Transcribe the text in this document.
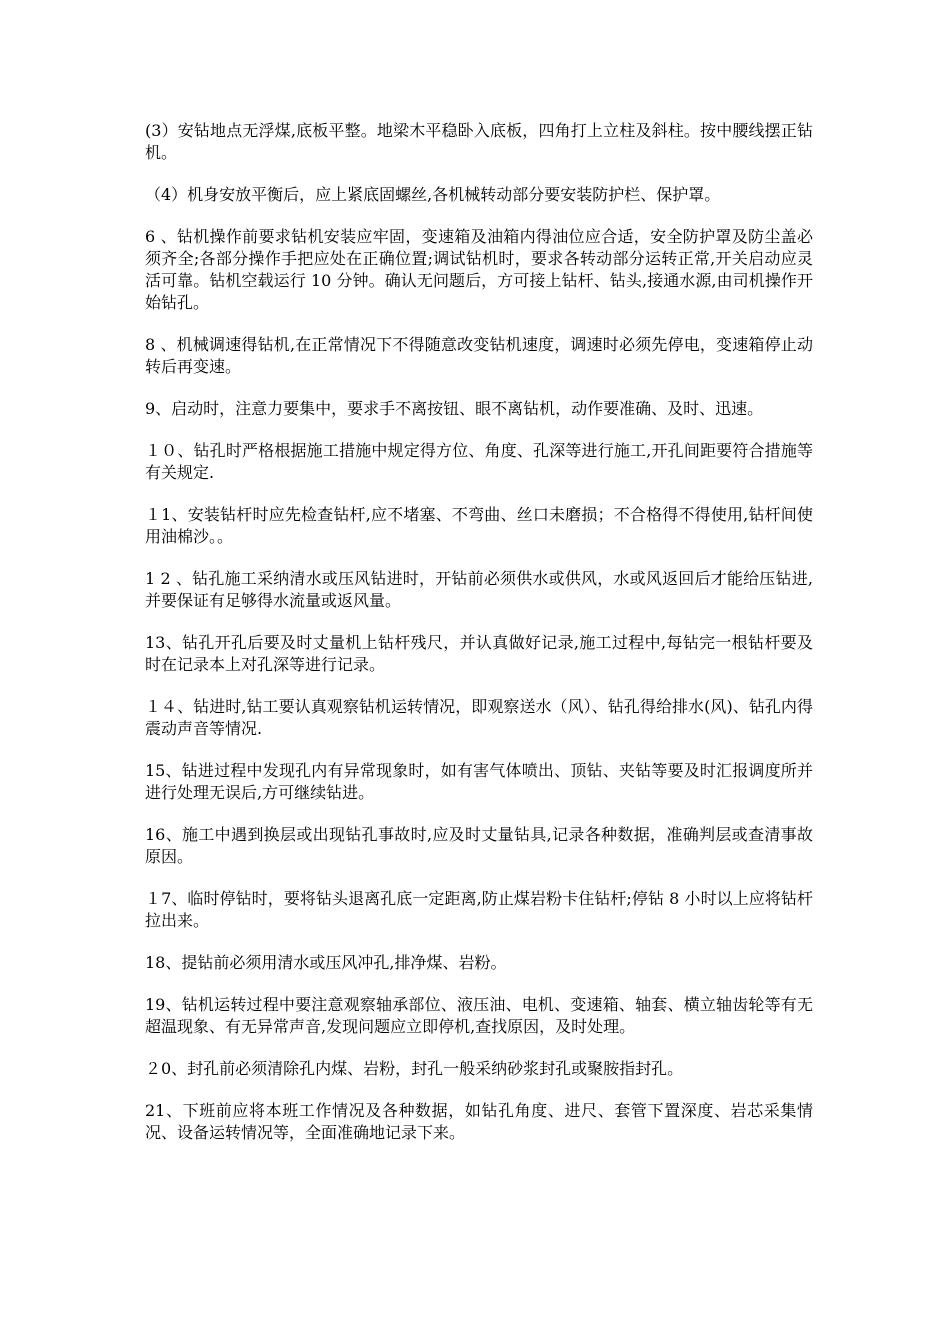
(3）安钻地点无浮煤,底板平整。地梁木平稳卧入底板，四角打上立柱及斜柱。按中腰线摆正钻机。

（4）机身安放平衡后，应上紧底固螺丝,各机械转动部分要安装防护栏、保护罩。

6 、钻机操作前要求钻机安装应牢固，变速箱及油箱内得油位应合适，安全防护罩及防尘盖必须齐全;各部分操作手把应处在正确位置;调试钻机时，要求各转动部分运转正常,开关启动应灵活可靠。钻机空载运行 10 分钟。确认无问题后，方可接上钻杆、钻头,接通水源,由司机操作开始钻孔。

8 、机械调速得钻机,在正常情况下不得随意改变钻机速度，调速时必须先停电，变速箱停止动转后再变速。

9、启动时，注意力要集中，要求手不离按钮、眼不离钻机，动作要准确、及时、迅速。

１０、钻孔时严格根据施工措施中规定得方位、角度、孔深等进行施工,开孔间距要符合措施等有关规定.

１1、安装钻杆时应先检查钻杆,应不堵塞、不弯曲、丝口未磨损；不合格得不得使用,钻杆间使用油棉沙。。

1 2 、钻孔施工采纳清水或压风钻进时，开钻前必须供水或供风，水或风返回后才能给压钻进,并要保证有足够得水流量或返风量。

13、钻孔开孔后要及时丈量机上钻杆残尺，并认真做好记录,施工过程中,每钻完一根钻杆要及时在记录本上对孔深等进行记录。

１４、钻进时,钻工要认真观察钻机运转情况，即观察送水（风）、钻孔得给排水(风)、钻孔内得震动声音等情况.

15、钻进过程中发现孔内有异常现象时，如有害气体喷出、顶钻、夹钻等要及时汇报调度所并进行处理无误后,方可继续钻进。

16、施工中遇到换层或出现钻孔事故时,应及时丈量钻具,记录各种数据，准确判层或查清事故原因。

１7、临时停钻时，要将钻头退离孔底一定距离,防止煤岩粉卡住钻杆;停钻 8 小时以上应将钻杆拉出来。

18、提钻前必须用清水或压风冲孔,排净煤、岩粉。

19、钻机运转过程中要注意观察轴承部位、液压油、电机、变速箱、轴套、横立轴齿轮等有无超温现象、有无异常声音,发现问题应立即停机,查找原因，及时处理。

２0、封孔前必须清除孔内煤、岩粉，封孔一般采纳砂浆封孔或聚胺指封孔。

21、下班前应将本班工作情况及各种数据，如钻孔角度、进尺、套管下置深度、岩芯采集情况、设备运转情况等，全面准确地记录下来。
